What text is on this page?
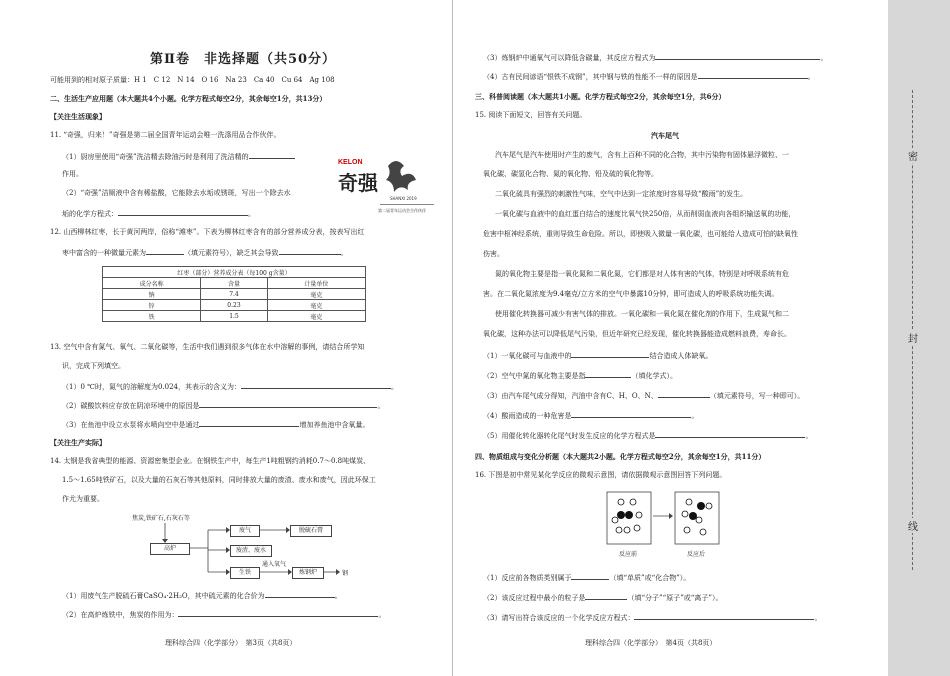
第Ⅱ卷　非选择题（共50分）
可能用到的相对原子质量：H 1　C 12　N 14　O 16　Na 23　Ca 40　Cu 64　Ag 108
二、生活生产应用题（本大题共4个小题。化学方程式每空2分，其余每空1分，共13分）
【关注生活现象】
11. “奇强，归来！”奇强是第二届全国青年运动会唯一洗涤用品合作伙伴。
（1）厨房里使用“奇强”洗洁精去除油污时是利用了洗洁精的
作用。
（2）“奇强”洁厕液中含有稀盐酸，它能除去水垢或锈斑，写出一个除去水
垢的化学方程式：	。
KELON
奇强
SHANXI 2019
第二届青年运动会合作伙伴
12. 山西柳林红枣，长于黄河两岸，俗称“滩枣”。下表为柳林红枣含有的部分营养成分表，按表写出红
枣中富含的一种微量元素为	（填元素符号），缺乏其会导致	。
红枣（部分）营养成分表（每100 g含量）		
成分名称	含量	计量单位
钠	7.4	毫克
锌	0.23	毫克
铁	1.5	毫克
13. 空气中含有氮气、氧气、二氧化碳等，生活中我们遇到很多气体在水中溶解的事例，请结合所学知
识，完成下列填空。
（1）0 ℃时，氮气的溶解度为0.024，其表示的含义为：	。
（2）碳酸饮料应存放在阴凉环境中的原因是	。
（3）在鱼池中设立水泵将水喷向空中是通过	增加养鱼池中含氧量。
【关注生产实际】
14. 太钢是我省典型的能源、资源密集型企业。在钢铁生产中，每生产1吨粗钢约消耗0.7～0.8吨煤炭、
1.5～1.65吨铁矿石，以及大量的石灰石等其他原料，同时排放大量的废渣、废水和废气，因此环保工
作尤为重要。
焦炭,铁矿石,石灰石等
高炉
废气	脱硫石膏
废渣、废水
生铁
通入氧气
炼钢炉	钢
（1）用废气生产脱硫石膏CaSO₄·2H₂O，其中硫元素的化合价为	。
（2）在高炉炼铁中，焦炭的作用为：	。
理科综合四（化学部分）　第3页（共8页）
（3）炼钢炉中通氧气可以降低含碳量，其反应方程式为	。
（4）古有民间谚语“恨铁不成钢”，其中钢与铁的性能不一样的原因是	。
三、科普阅读题（本大题共1小题。化学方程式每空2分，其余每空1分，共6分）
15. 阅读下面短文，回答有关问题。
汽车尾气
汽车尾气是汽车使用时产生的废气，含有上百种不同的化合物，其中污染物有固体悬浮微粒、一
氧化碳、碳氢化合物、氮的氧化物、铅及硫的氧化物等。
二氧化硫具有强烈的刺激性气味，空气中达到一定浓度时容易导致“酸雨”的发生。
一氧化碳与血液中的血红蛋白结合的速度比氧气快250倍，从而削弱血液向各组织输送氧的功能，
危害中枢神经系统，重则导致生命危险。所以，即使吸入微量一氧化碳，也可能给人造成可怕的缺氧性
伤害。
氮的氧化物主要是指一氧化氮和二氧化氮，它们都是对人体有害的气体，特别是对呼吸系统有危
害。在二氧化氮浓度为9.4毫克/立方米的空气中暴露10分钟，即可造成人的呼吸系统功能失调。
使用催化转换器可减少有害气体的排放。一氧化碳和一氧化氮在催化剂的作用下，生成氮气和二
氧化碳，这种办法可以降低尾气污染，但近年研究已经发现，催化转换器能造成燃料浪费，寿命长。
（1）一氧化碳可与血液中的	结合造成人体缺氧。
（2）空气中氮的氧化物主要是指	（填化学式）。
（3）由汽车尾气成分得知，汽油中含有C、H、O、N、	（填元素符号，写一种即可）。
（4）酸雨造成的一种危害是	。
（5）用催化转化器转化尾气时发生反应的化学方程式是	。
四、物质组成与变化分析题（本大题共2小题。化学方程式每空2分，其余每空1分，共11分）
16. 下图是初中常见某化学反应的微观示意图，请依据微观示意图回答下列问题。
反应前	反应后
（1）反应前各物质类别属于	（填“单质”或“化合物”）。
（2）该反应过程中最小的粒子是	（填“分子”“原子”或“离子”）。
（3）请写出符合该反应的一个化学反应方程式：	。
理科综合四（化学部分）　第4页（共8页）
密
封
线
